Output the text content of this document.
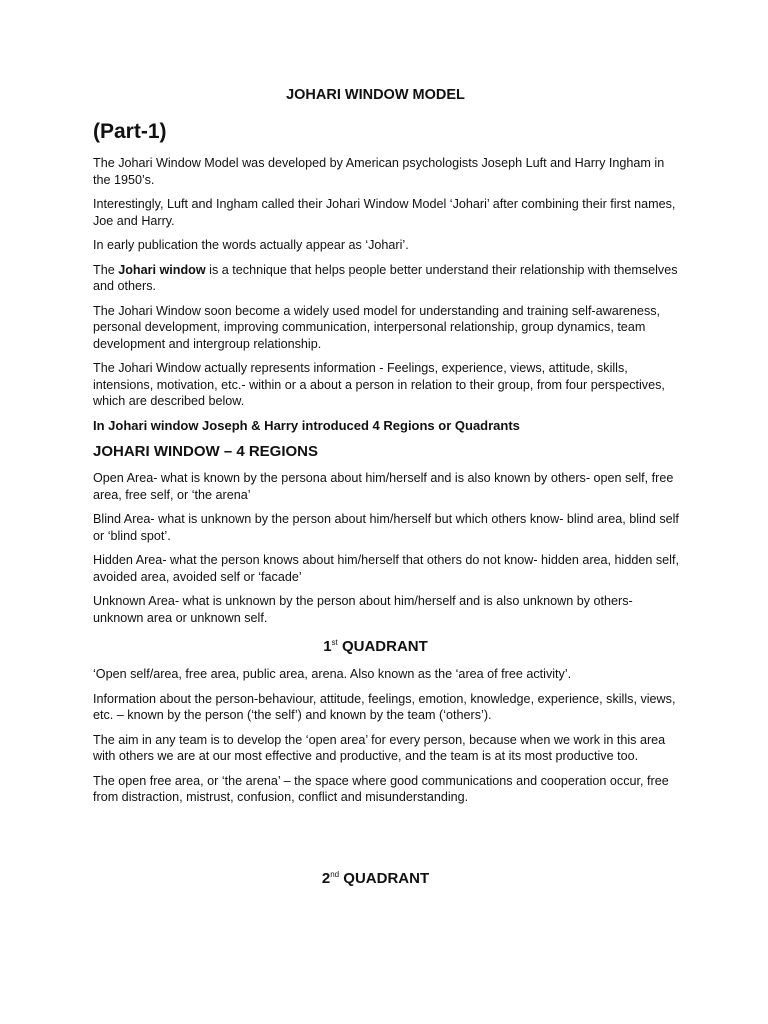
JOHARI WINDOW MODEL
(Part-1)

The Johari Window Model was developed by American psychologists Joseph Luft and Harry Ingham in the 1950’s.

Interestingly, Luft and Ingham called their Johari Window Model ‘Johari’ after combining their first names, Joe and Harry.

In early publication the words actually appear as ‘Johari’.

The Johari window is a technique that helps people better understand their relationship with themselves and others.

The Johari Window soon become a widely used model for understanding and training self-awareness, personal development, improving communication, interpersonal relationship, group dynamics, team development and intergroup relationship.

The Johari Window actually represents information - Feelings, experience, views, attitude, skills, intensions, motivation, etc.- within or a about a person in relation to their group, from four perspectives, which are described below.

In Johari window Joseph & Harry introduced 4 Regions or Quadrants

JOHARI WINDOW – 4 REGIONS

Open Area- what is known by the persona about him/herself and is also known by others- open self, free area, free self, or ‘the arena’

Blind Area- what is unknown by the person about him/herself but which others know- blind area, blind self or ‘blind spot’.

Hidden Area- what the person knows about him/herself that others do not know- hidden area, hidden self, avoided area, avoided self or ‘facade’

Unknown Area- what is unknown by the person about him/herself and is also unknown by others- unknown area or unknown self.

1st QUADRANT

‘Open self/area, free area, public area, arena. Also known as the ‘area of free activity’.

Information about the person-behaviour, attitude, feelings, emotion, knowledge, experience, skills, views, etc. – known by the person (‘the self’) and known by the team (‘others’).

The aim in any team is to develop the ‘open area’ for every person, because when we work in this area with others we are at our most effective and productive, and the team is at its most productive too.

The open free area, or ‘the arena’ – the space where good communications and cooperation occur, free from distraction, mistrust, confusion, conflict and misunderstanding.

2nd QUADRANT
